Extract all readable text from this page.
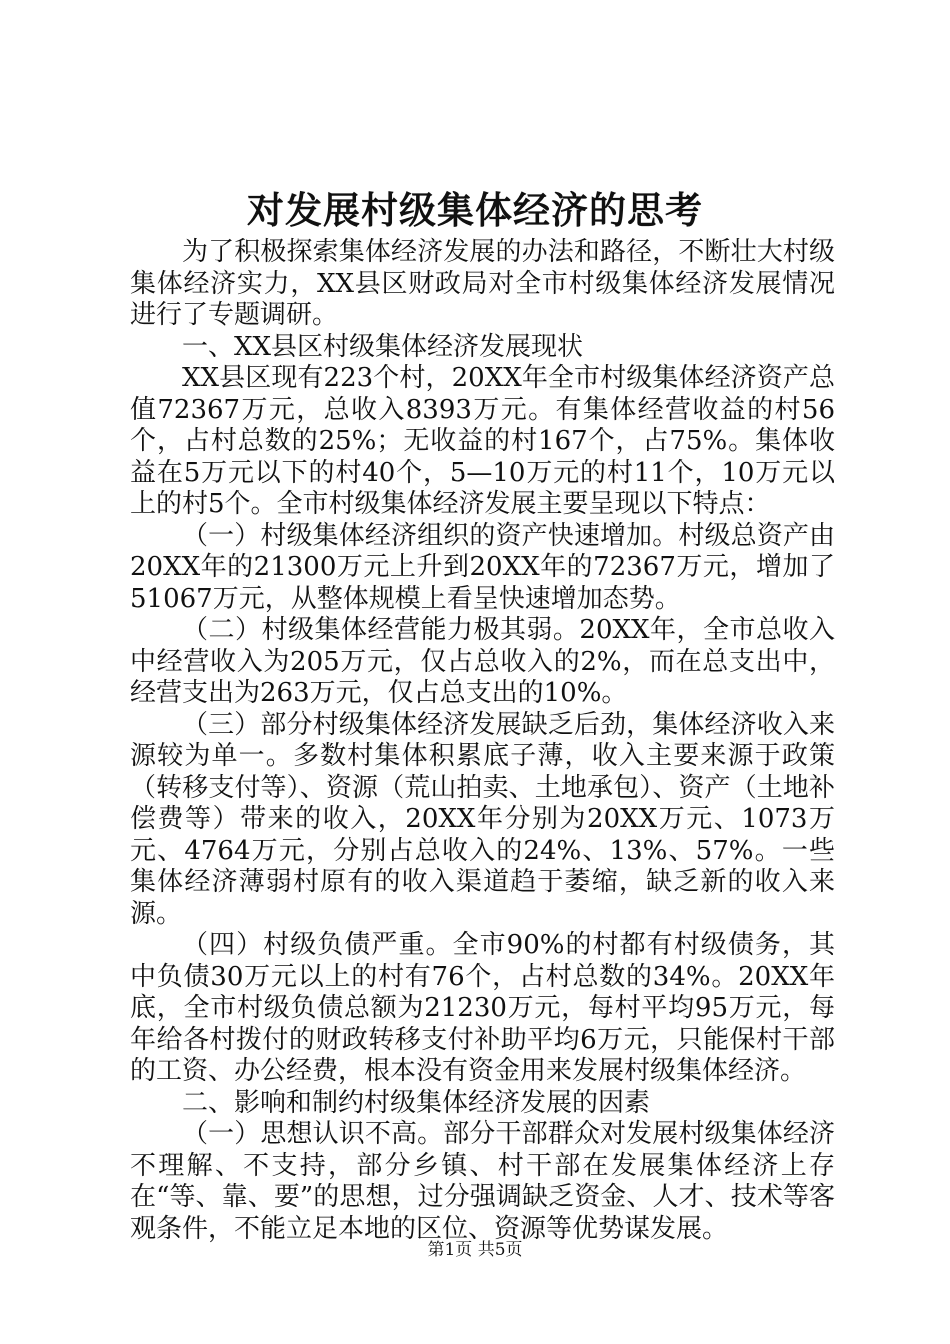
对发展村级集体经济的思考

为了积极探索集体经济发展的办法和路径，不断壮大村级集体经济实力，XX县区财政局对全市村级集体经济发展情况进行了专题调研。

一、XX县区村级集体经济发展现状

XX县区现有223个村，20XX年全市村级集体经济资产总值72367万元，总收入8393万元。有集体经营收益的村56个，占村总数的25%；无收益的村167个，占75%。集体收益在5万元以下的村40个，5—10万元的村11个，10万元以上的村5个。全市村级集体经济发展主要呈现以下特点：

（一）村级集体经济组织的资产快速增加。村级总资产由20XX年的21300万元上升到20XX年的72367万元，增加了51067万元，从整体规模上看呈快速增加态势。

（二）村级集体经营能力极其弱。20XX年，全市总收入中经营收入为205万元，仅占总收入的2%，而在总支出中，经营支出为263万元，仅占总支出的10%。

（三）部分村级集体经济发展缺乏后劲，集体经济收入来源较为单一。多数村集体积累底子薄，收入主要来源于政策（转移支付等）、资源（荒山拍卖、土地承包）、资产（土地补偿费等）带来的收入，20XX年分别为20XX万元、1073万元、4764万元，分别占总收入的24%、13%、57%。一些集体经济薄弱村原有的收入渠道趋于萎缩，缺乏新的收入来源。

（四）村级负债严重。全市90%的村都有村级债务，其中负债30万元以上的村有76个，占村总数的34%。20XX年底，全市村级负债总额为21230万元，每村平均95万元，每年给各村拨付的财政转移支付补助平均6万元，只能保村干部的工资、办公经费，根本没有资金用来发展村级集体经济。

二、影响和制约村级集体经济发展的因素

（一）思想认识不高。部分干部群众对发展村级集体经济不理解、不支持，部分乡镇、村干部在发展集体经济上存在“等、靠、要”的思想，过分强调缺乏资金、人才、技术等客观条件，不能立足本地的区位、资源等优势谋发展。

第1页 共5页
